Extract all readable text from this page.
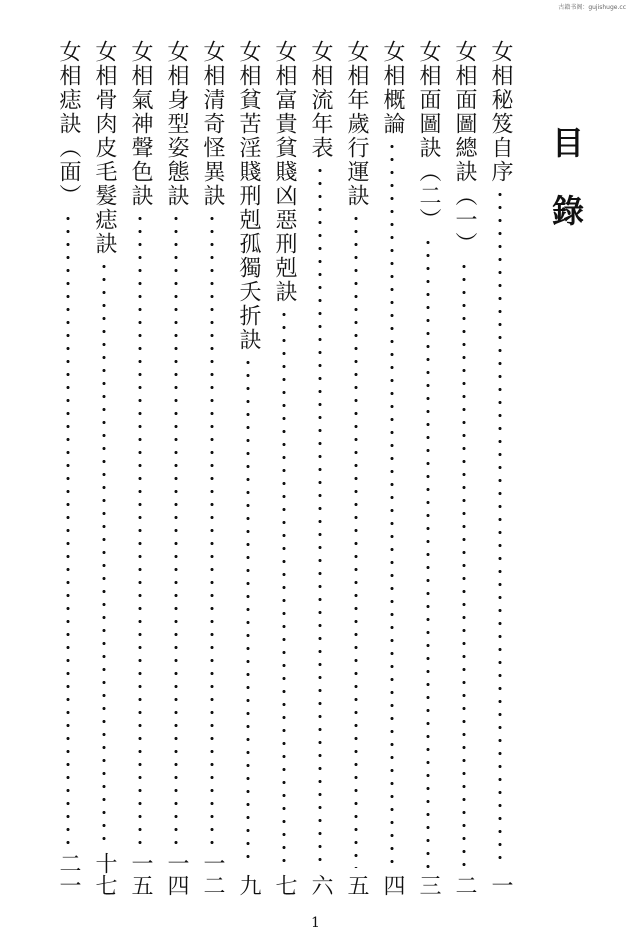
古籍书阁：gujishuge.cc
目錄
女相秘笈自序
一
女相面圖總訣（一）
二
女相面圖訣（二）
三
女相概論
四
女相年歲行運訣
五
女相流年表
六
女相富貴貧賤凶惡刑剋訣
七
女相貧苦淫賤刑剋孤獨夭折訣
九
女相清奇怪異訣
一二
女相身型姿態訣
一四
女相氣神聲色訣
一五
女相骨肉皮毛髮痣訣
十七
女相痣訣（面）
二一
1
